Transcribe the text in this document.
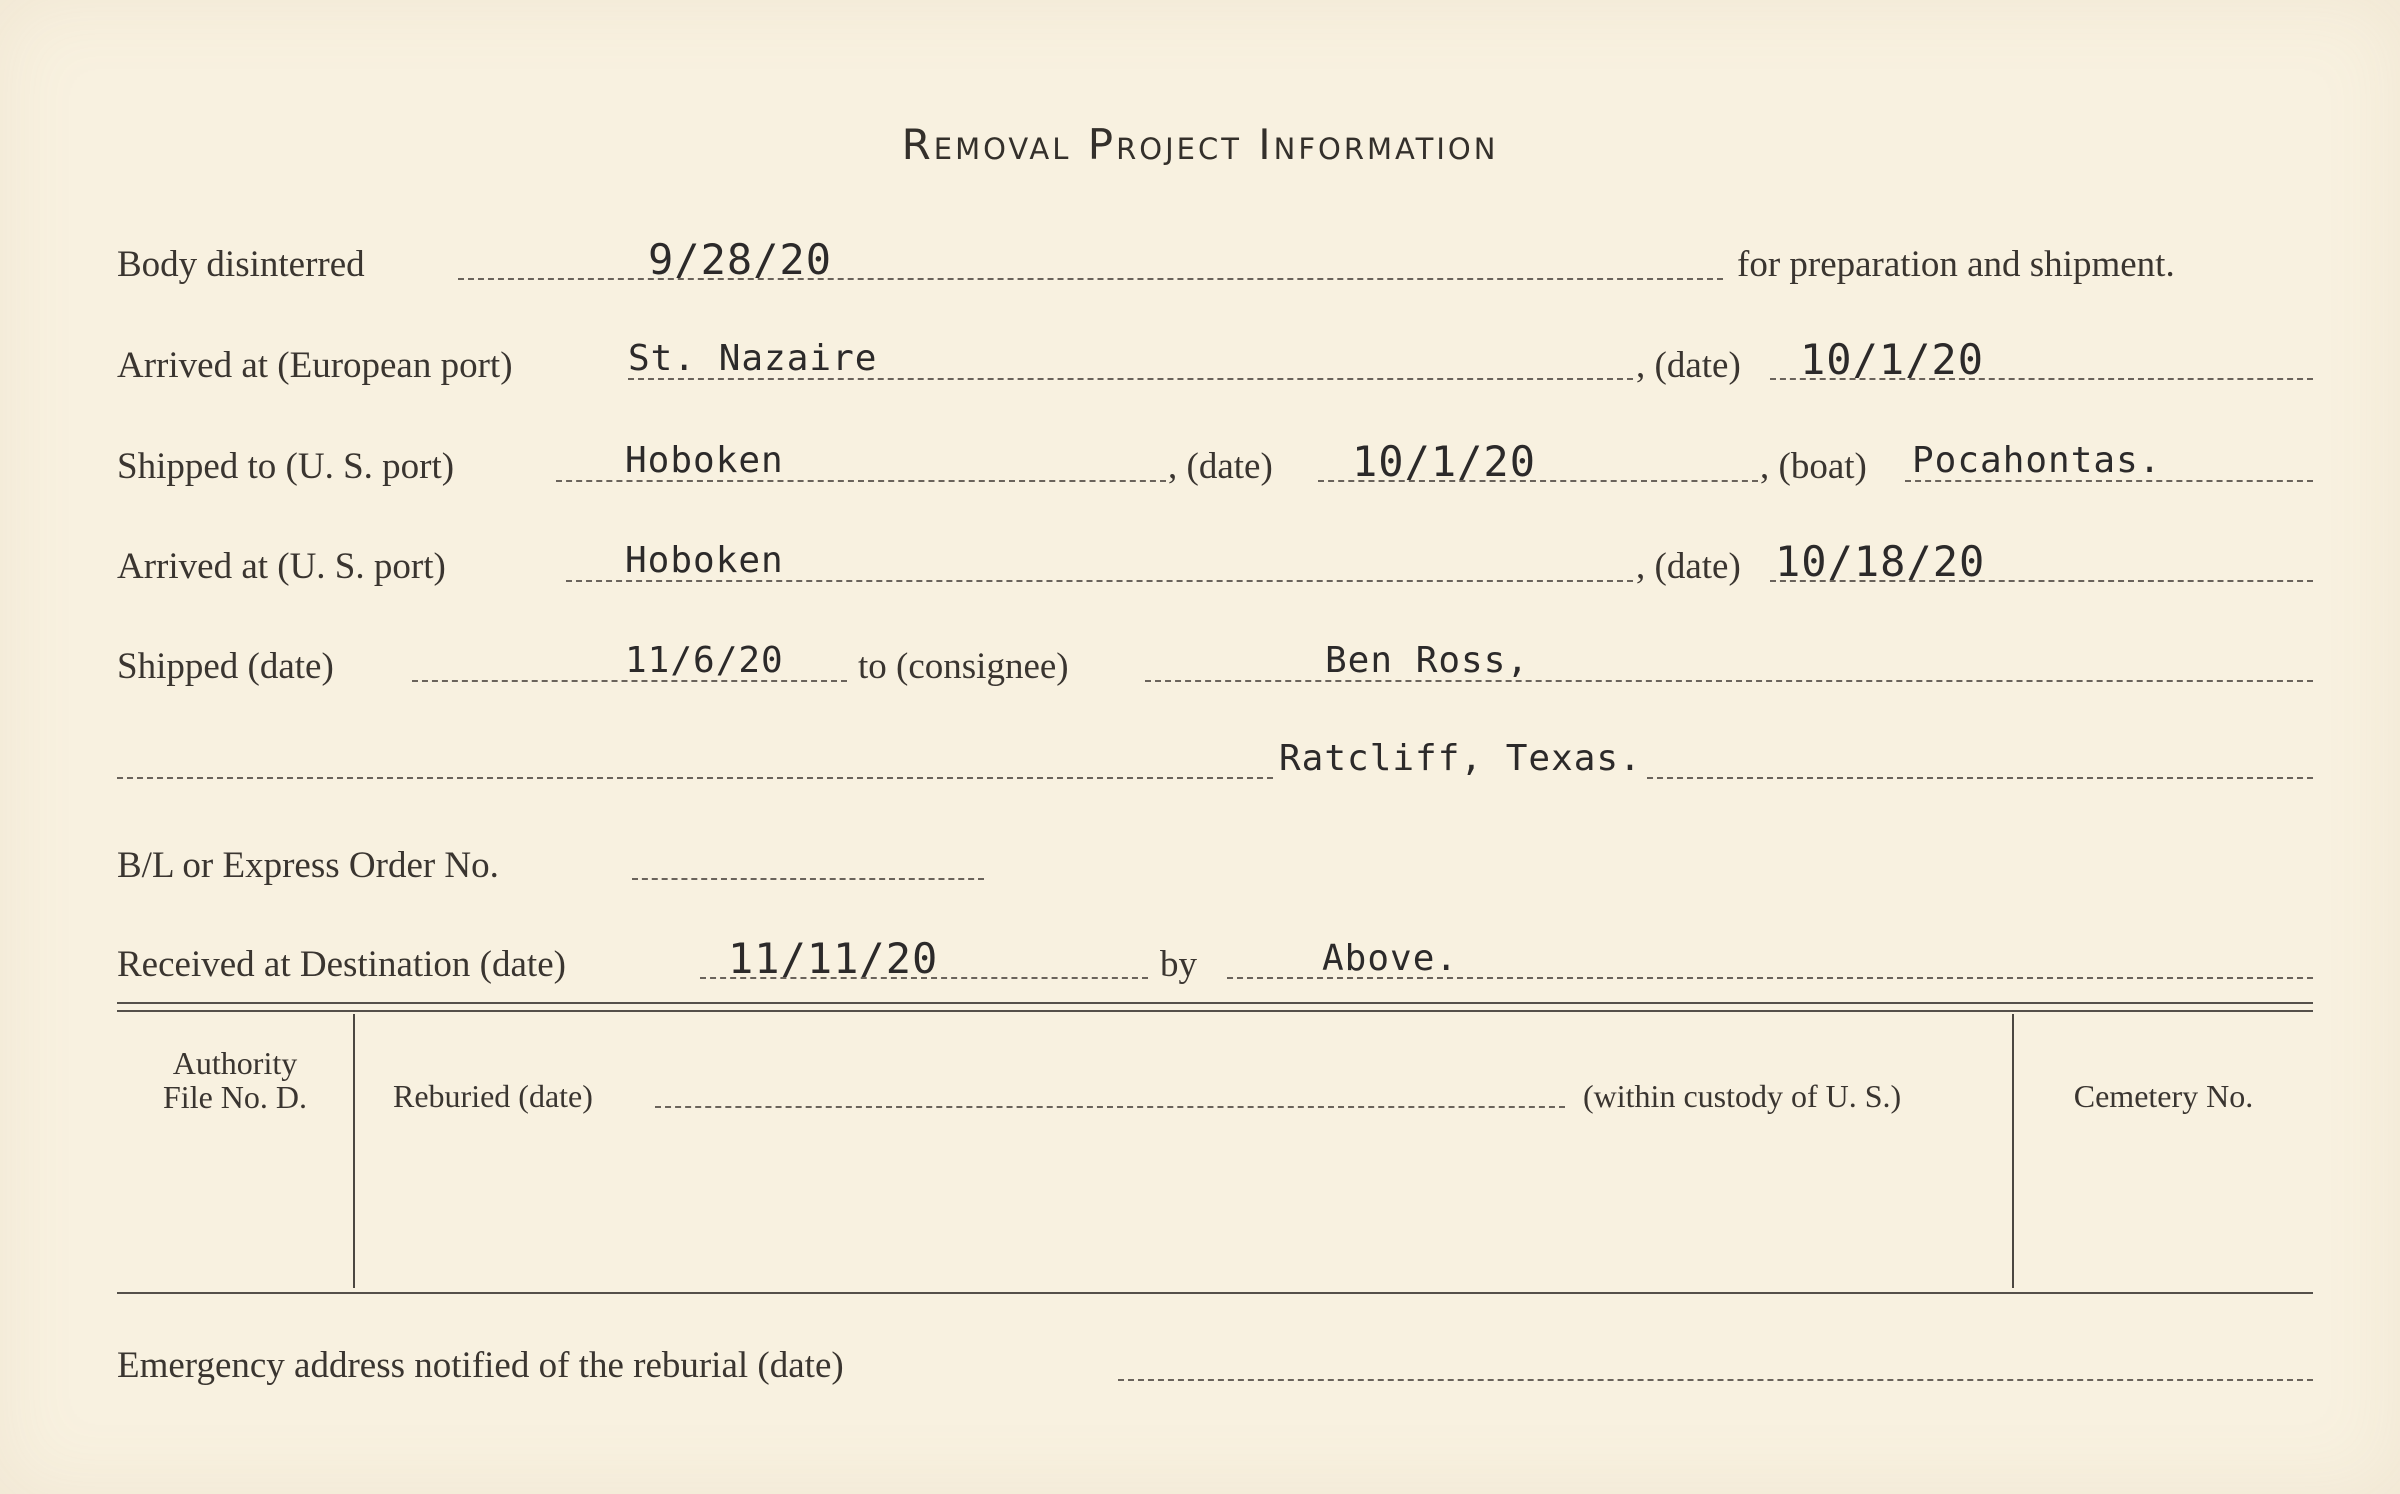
Removal Project Information
Body disinterred	9/28/20	for preparation and shipment.
Arrived at (European port)	St. Nazaire	, (date) 10/1/20
Shipped to (U. S. port)	Hoboken	, (date) 10/1/20	, (boat) Pocahontas.
Arrived at (U. S. port)	Hoboken	, (date) 10/18/20
Shipped (date)	11/6/20 to (consignee)	Ben Ross,
Ratcliff, Texas.
B/L or Express Order No.
Received at Destination (date)	11/11/20	by	Above.
Authority
File No. D.	Reburied (date)	(within custody of U. S.)	Cemetery No.
Emergency address notified of the reburial (date)
